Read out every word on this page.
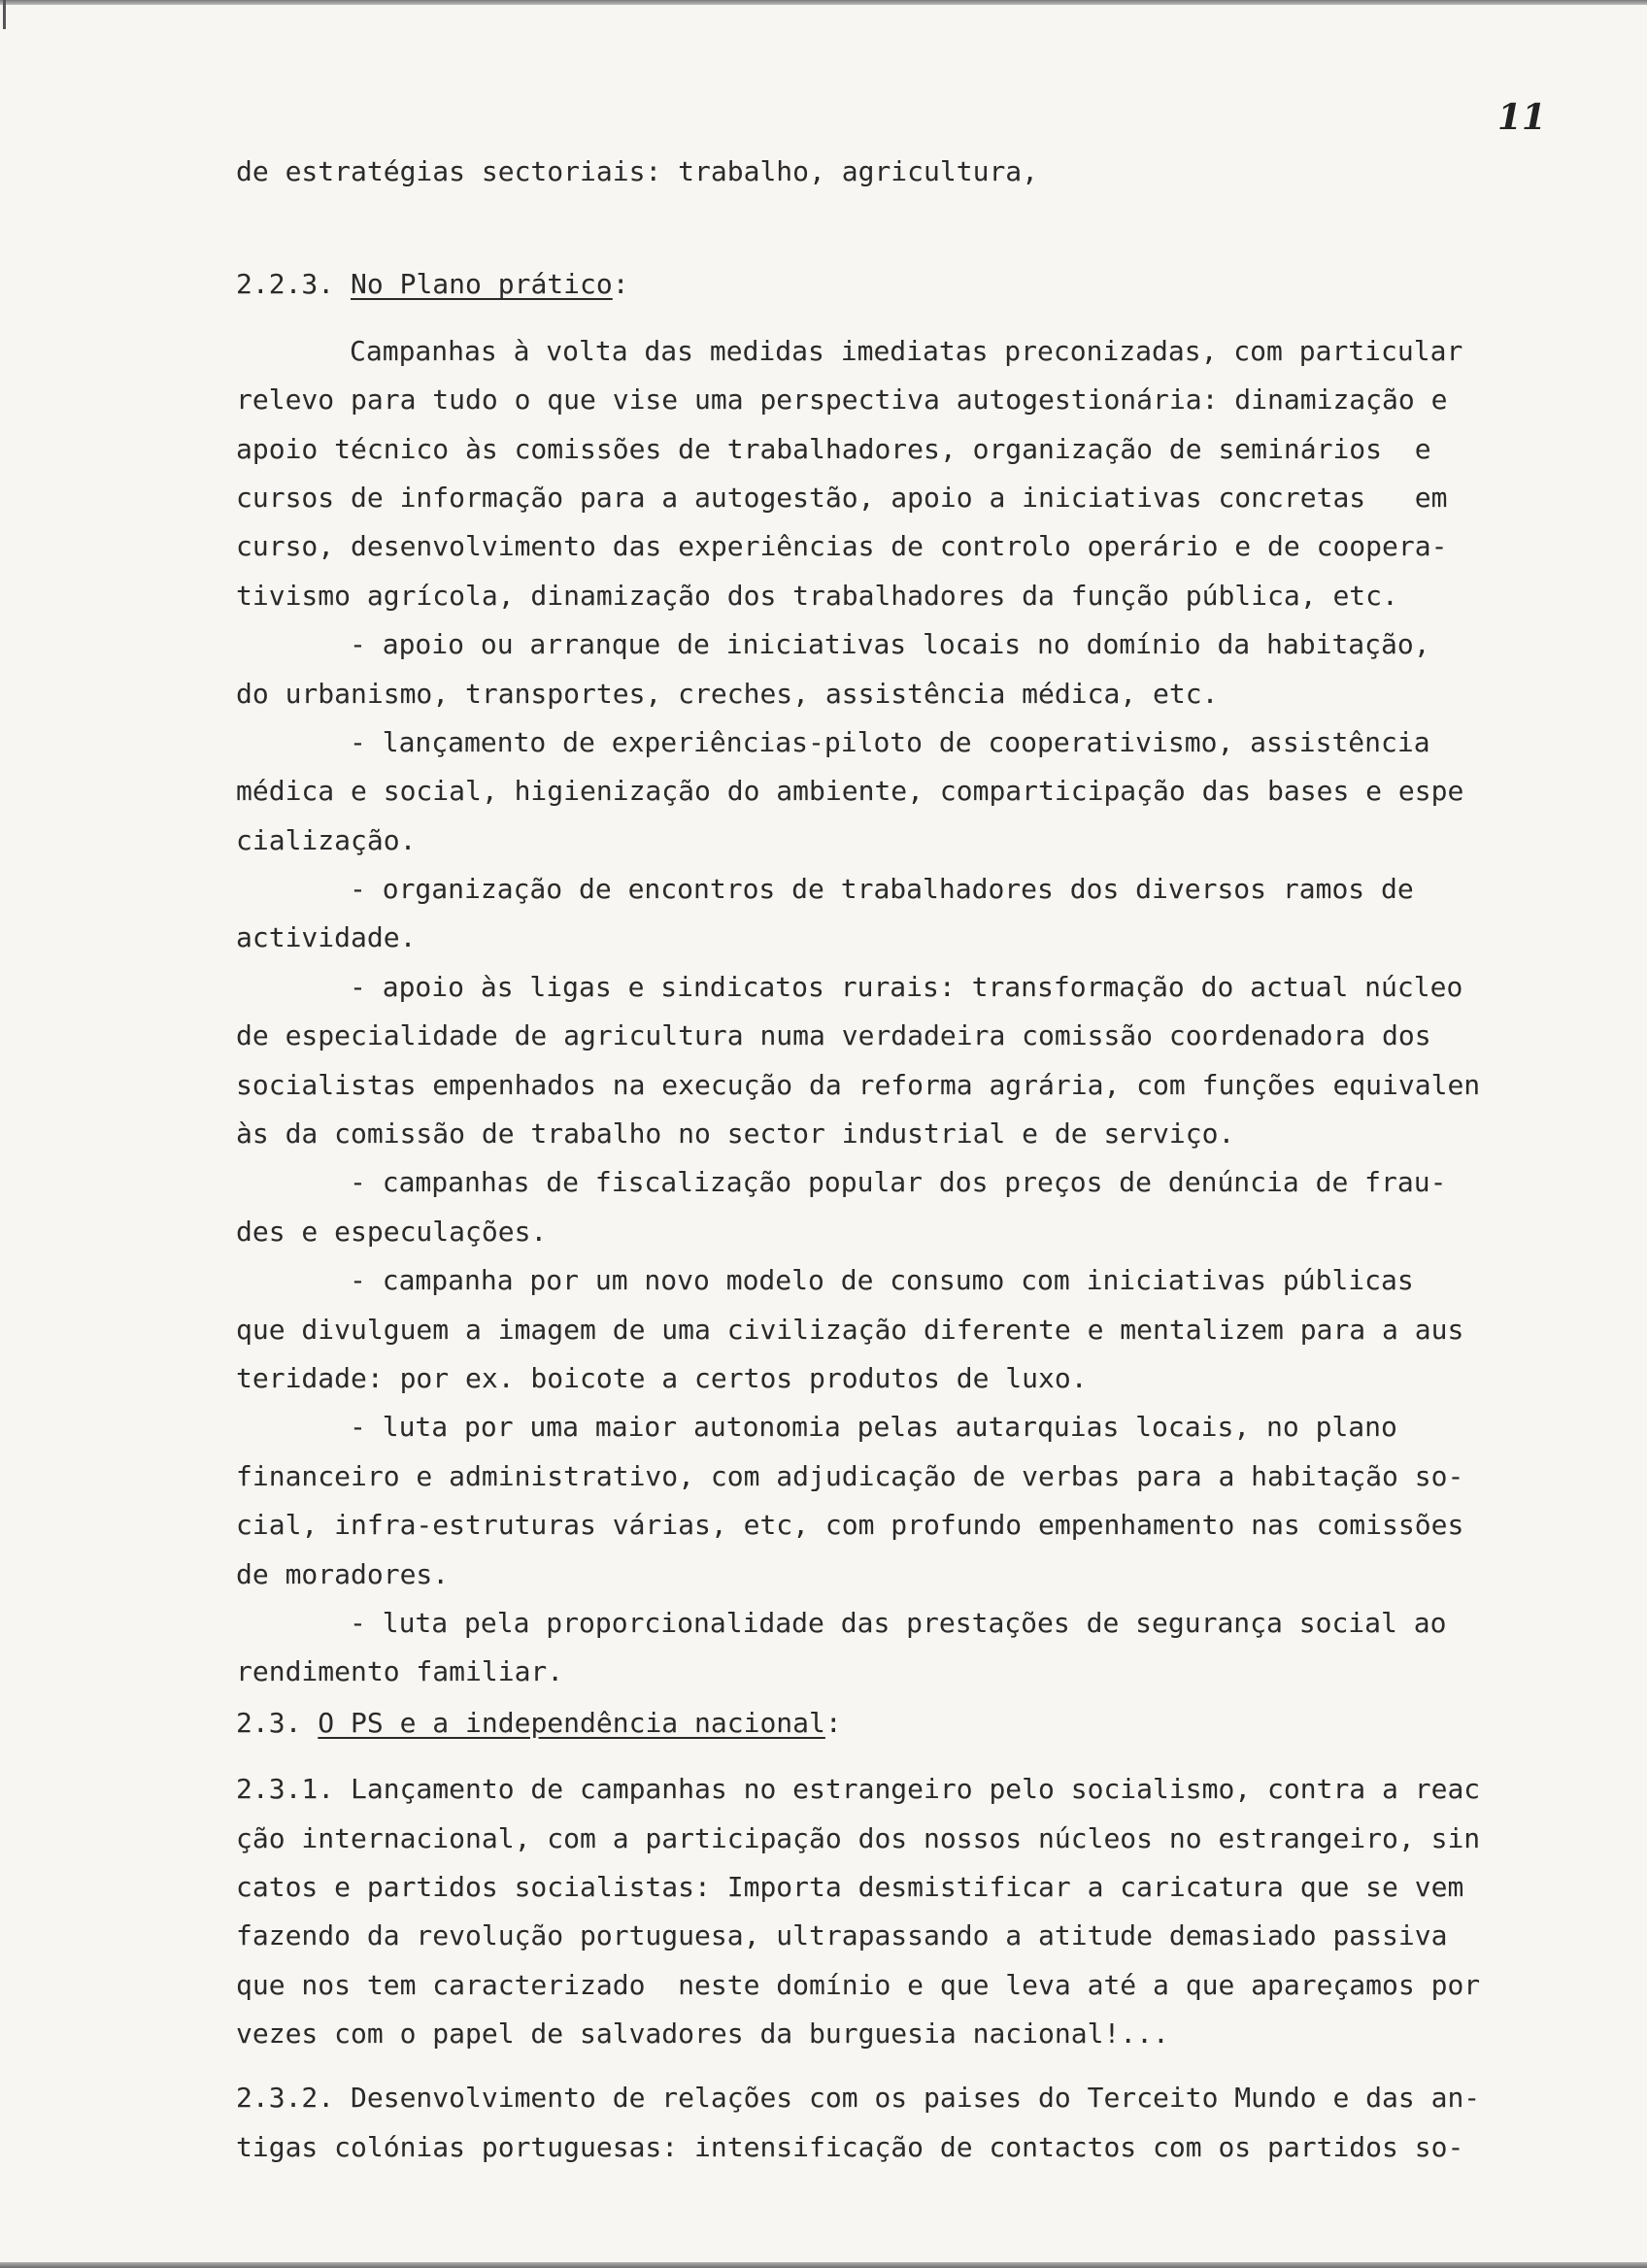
11
de estratégias sectoriais: trabalho, agricultura,
2.2.3. No Plano prático:
Campanhas à volta das medidas imediatas preconizadas, com particular
relevo para tudo o que vise uma perspectiva autogestionária: dinamização e
apoio técnico às comissões de trabalhadores, organização de seminários  e
cursos de informação para a autogestão, apoio a iniciativas concretas   em
curso, desenvolvimento das experiências de controlo operário e de coopera-
tivismo agrícola, dinamização dos trabalhadores da função pública, etc.
- apoio ou arranque de iniciativas locais no domínio da habitação,
do urbanismo, transportes, creches, assistência médica, etc.
- lançamento de experiências-piloto de cooperativismo, assistência
médica e social, higienização do ambiente, comparticipação das bases e espe
cialização.
- organização de encontros de trabalhadores dos diversos ramos de
actividade.
- apoio às ligas e sindicatos rurais: transformação do actual núcleo
de especialidade de agricultura numa verdadeira comissão coordenadora dos
socialistas empenhados na execução da reforma agrária, com funções equivalen
às da comissão de trabalho no sector industrial e de serviço.
- campanhas de fiscalização popular dos preços de denúncia de frau-
des e especulações.
- campanha por um novo modelo de consumo com iniciativas públicas
que divulguem a imagem de uma civilização diferente e mentalizem para a aus
teridade: por ex. boicote a certos produtos de luxo.
- luta por uma maior autonomia pelas autarquias locais, no plano
financeiro e administrativo, com adjudicação de verbas para a habitação so-
cial, infra-estruturas várias, etc, com profundo empenhamento nas comissões
de moradores.
- luta pela proporcionalidade das prestações de segurança social ao
rendimento familiar.
2.3. O PS e a independência nacional:
2.3.1. Lançamento de campanhas no estrangeiro pelo socialismo, contra a reac
ção internacional, com a participação dos nossos núcleos no estrangeiro, sin
catos e partidos socialistas: Importa desmistificar a caricatura que se vem
fazendo da revolução portuguesa, ultrapassando a atitude demasiado passiva
que nos tem caracterizado  neste domínio e que leva até a que apareçamos por
vezes com o papel de salvadores da burguesia nacional!...
2.3.2. Desenvolvimento de relações com os paises do Terceito Mundo e das an-
tigas colónias portuguesas: intensificação de contactos com os partidos so-
